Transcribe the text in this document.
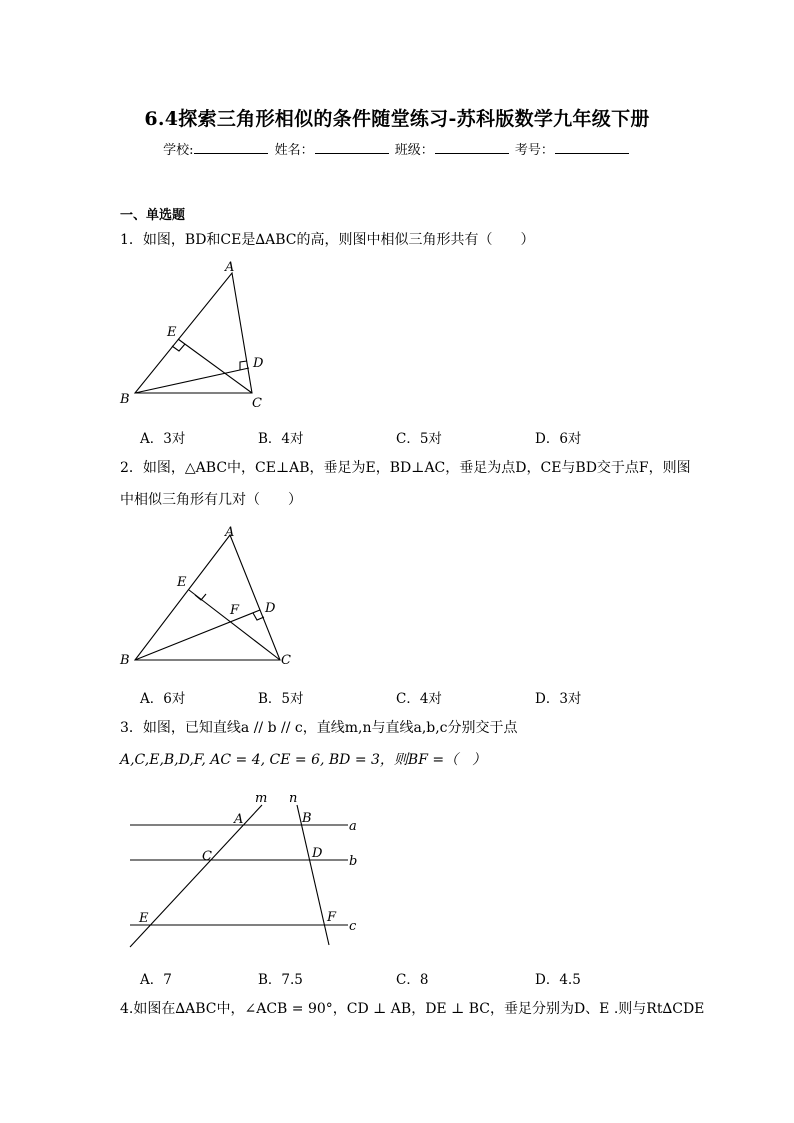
6.4探索三角形相似的条件随堂练习-苏科版数学九年级下册
学校:	姓名：	班级：	考号：
一、单选题
1．如图，BD和CE是∆ABC的高，则图中相似三角形共有（　　）
A
E
D
B	C
A．3对	B．4对	C．5对	D．6对
2．如图，△ABC中，CE⊥AB，垂足为E，BD⊥AC，垂足为点D，CE与BD交于点F，则图
中相似三角形有几对（　　）
A
E
F D
B	C
A．6对	B．5对	C．4对	D．3对
3．如图，已知直线a // b // c，直线m,n与直线a,b,c分别交于点
A,C,E,B,D,F, AC = 4, CE = 6, BD = 3，则BF =（　）
m n
A	B
a
C	D
b
E	F
c
A．7	B．7.5	C．8	D．4.5
4.如图在∆ABC中，∠ACB = 90°，CD ⊥ AB，DE ⊥ BC，垂足分别为D、E .则与Rt∆CDE
